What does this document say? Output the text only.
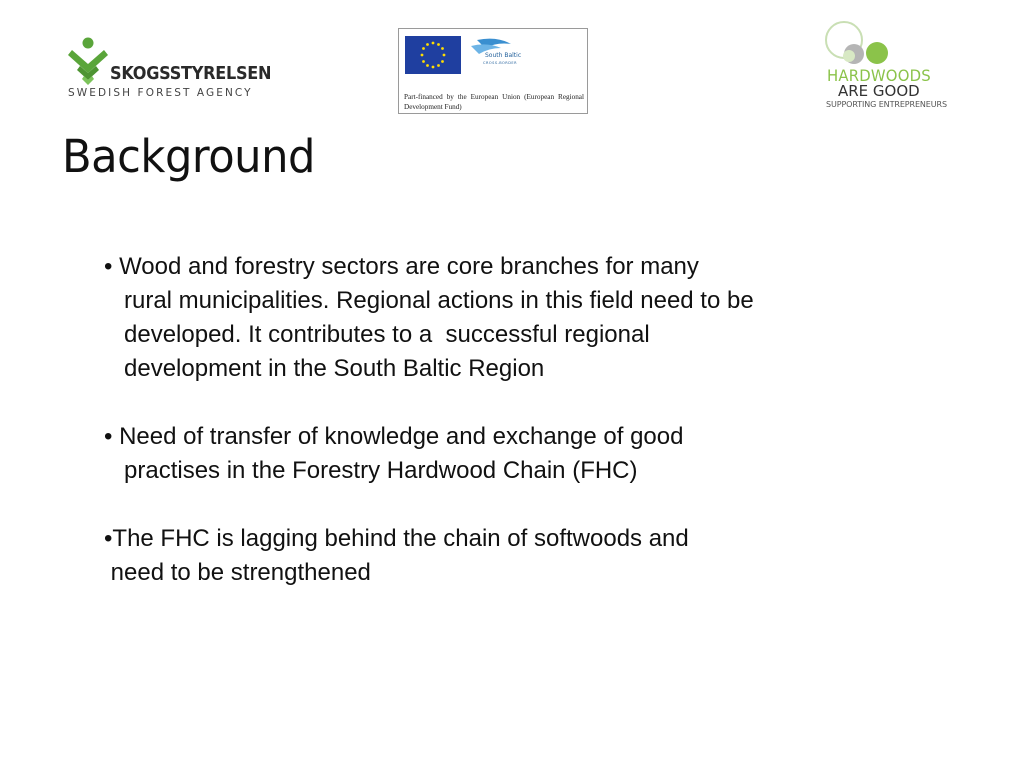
SKOGSSTYRELSEN
SWEDISH FOREST AGENCY
South Baltic
CROSS-BORDER
Part-financed by the European Union (European Regional Development Fund)
HARDWOODS
ARE GOOD
SUPPORTING ENTREPRENEURS
Background
• Wood and forestry sectors are core branches for many
rural municipalities. Regional actions in this field need to be
developed. It contributes to a  successful regional
development in the South Baltic Region
• Need of transfer of knowledge and exchange of good
practises in the Forestry Hardwood Chain (FHC)
•The FHC is lagging behind the chain of softwoods and
need to be strengthened
